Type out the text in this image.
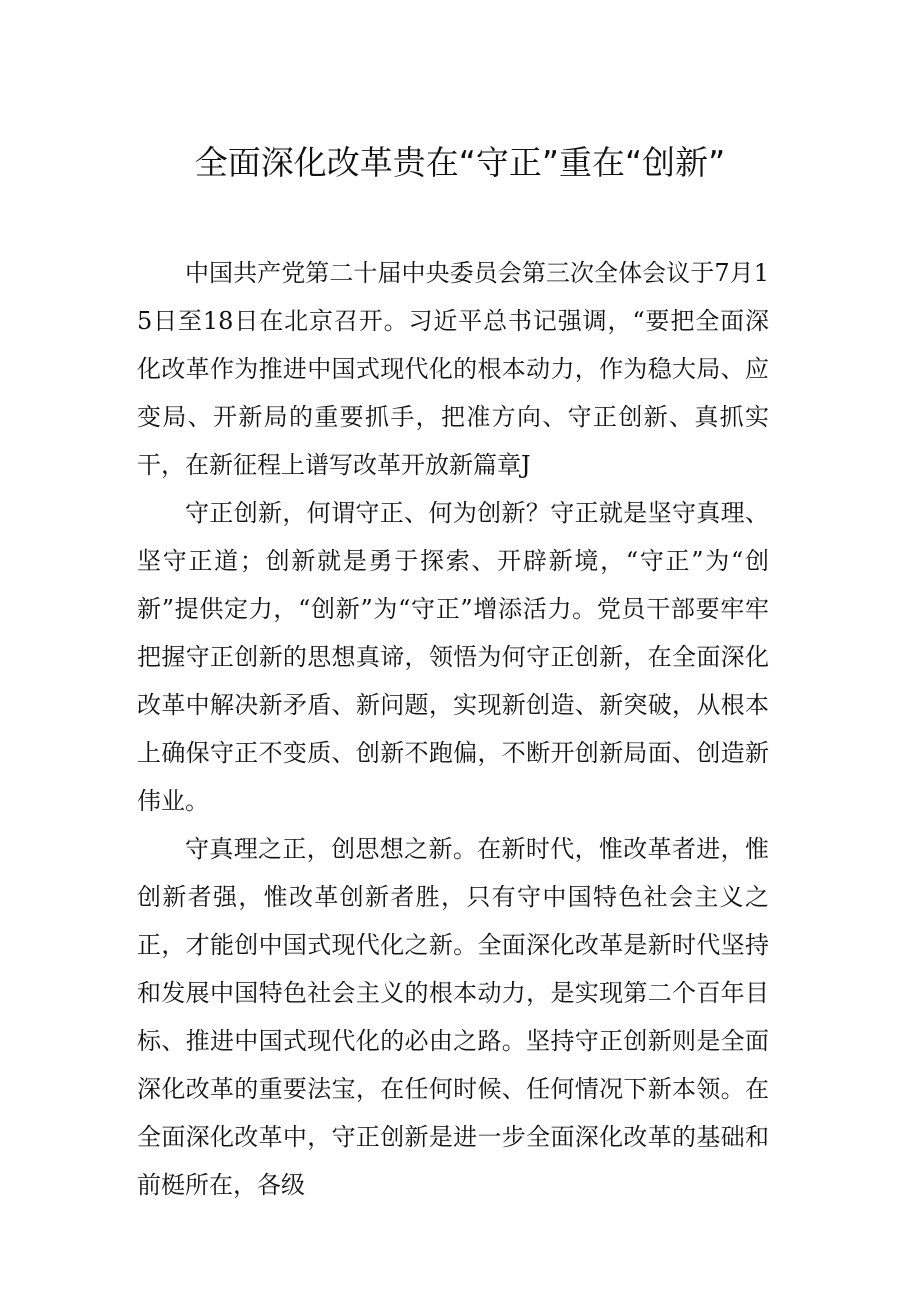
全面深化改革贵在“守正”重在“创新”

中国共产党第二十届中央委员会第三次全体会议于7月15日至18日在北京召开。习近平总书记强调，“要把全面深化改革作为推进中国式现代化的根本动力，作为稳大局、应变局、开新局的重要抓手，把准方向、守正创新、真抓实干，在新征程上谱写改革开放新篇章J

守正创新，何谓守正、何为创新？守正就是坚守真理、坚守正道；创新就是勇于探索、开辟新境，“守正”为“创新”提供定力，“创新”为“守正”增添活力。党员干部要牢牢把握守正创新的思想真谛，领悟为何守正创新，在全面深化改革中解决新矛盾、新问题，实现新创造、新突破，从根本上确保守正不变质、创新不跑偏，不断开创新局面、创造新伟业。

守真理之正，创思想之新。在新时代，惟改革者进，惟创新者强，惟改革创新者胜，只有守中国特色社会主义之正，才能创中国式现代化之新。全面深化改革是新时代坚持和发展中国特色社会主义的根本动力，是实现第二个百年目标、推进中国式现代化的必由之路。坚持守正创新则是全面深化改革的重要法宝，在任何时候、任何情况下新本领。在全面深化改革中，守正创新是进一步全面深化改革的基础和前梃所在，各级
